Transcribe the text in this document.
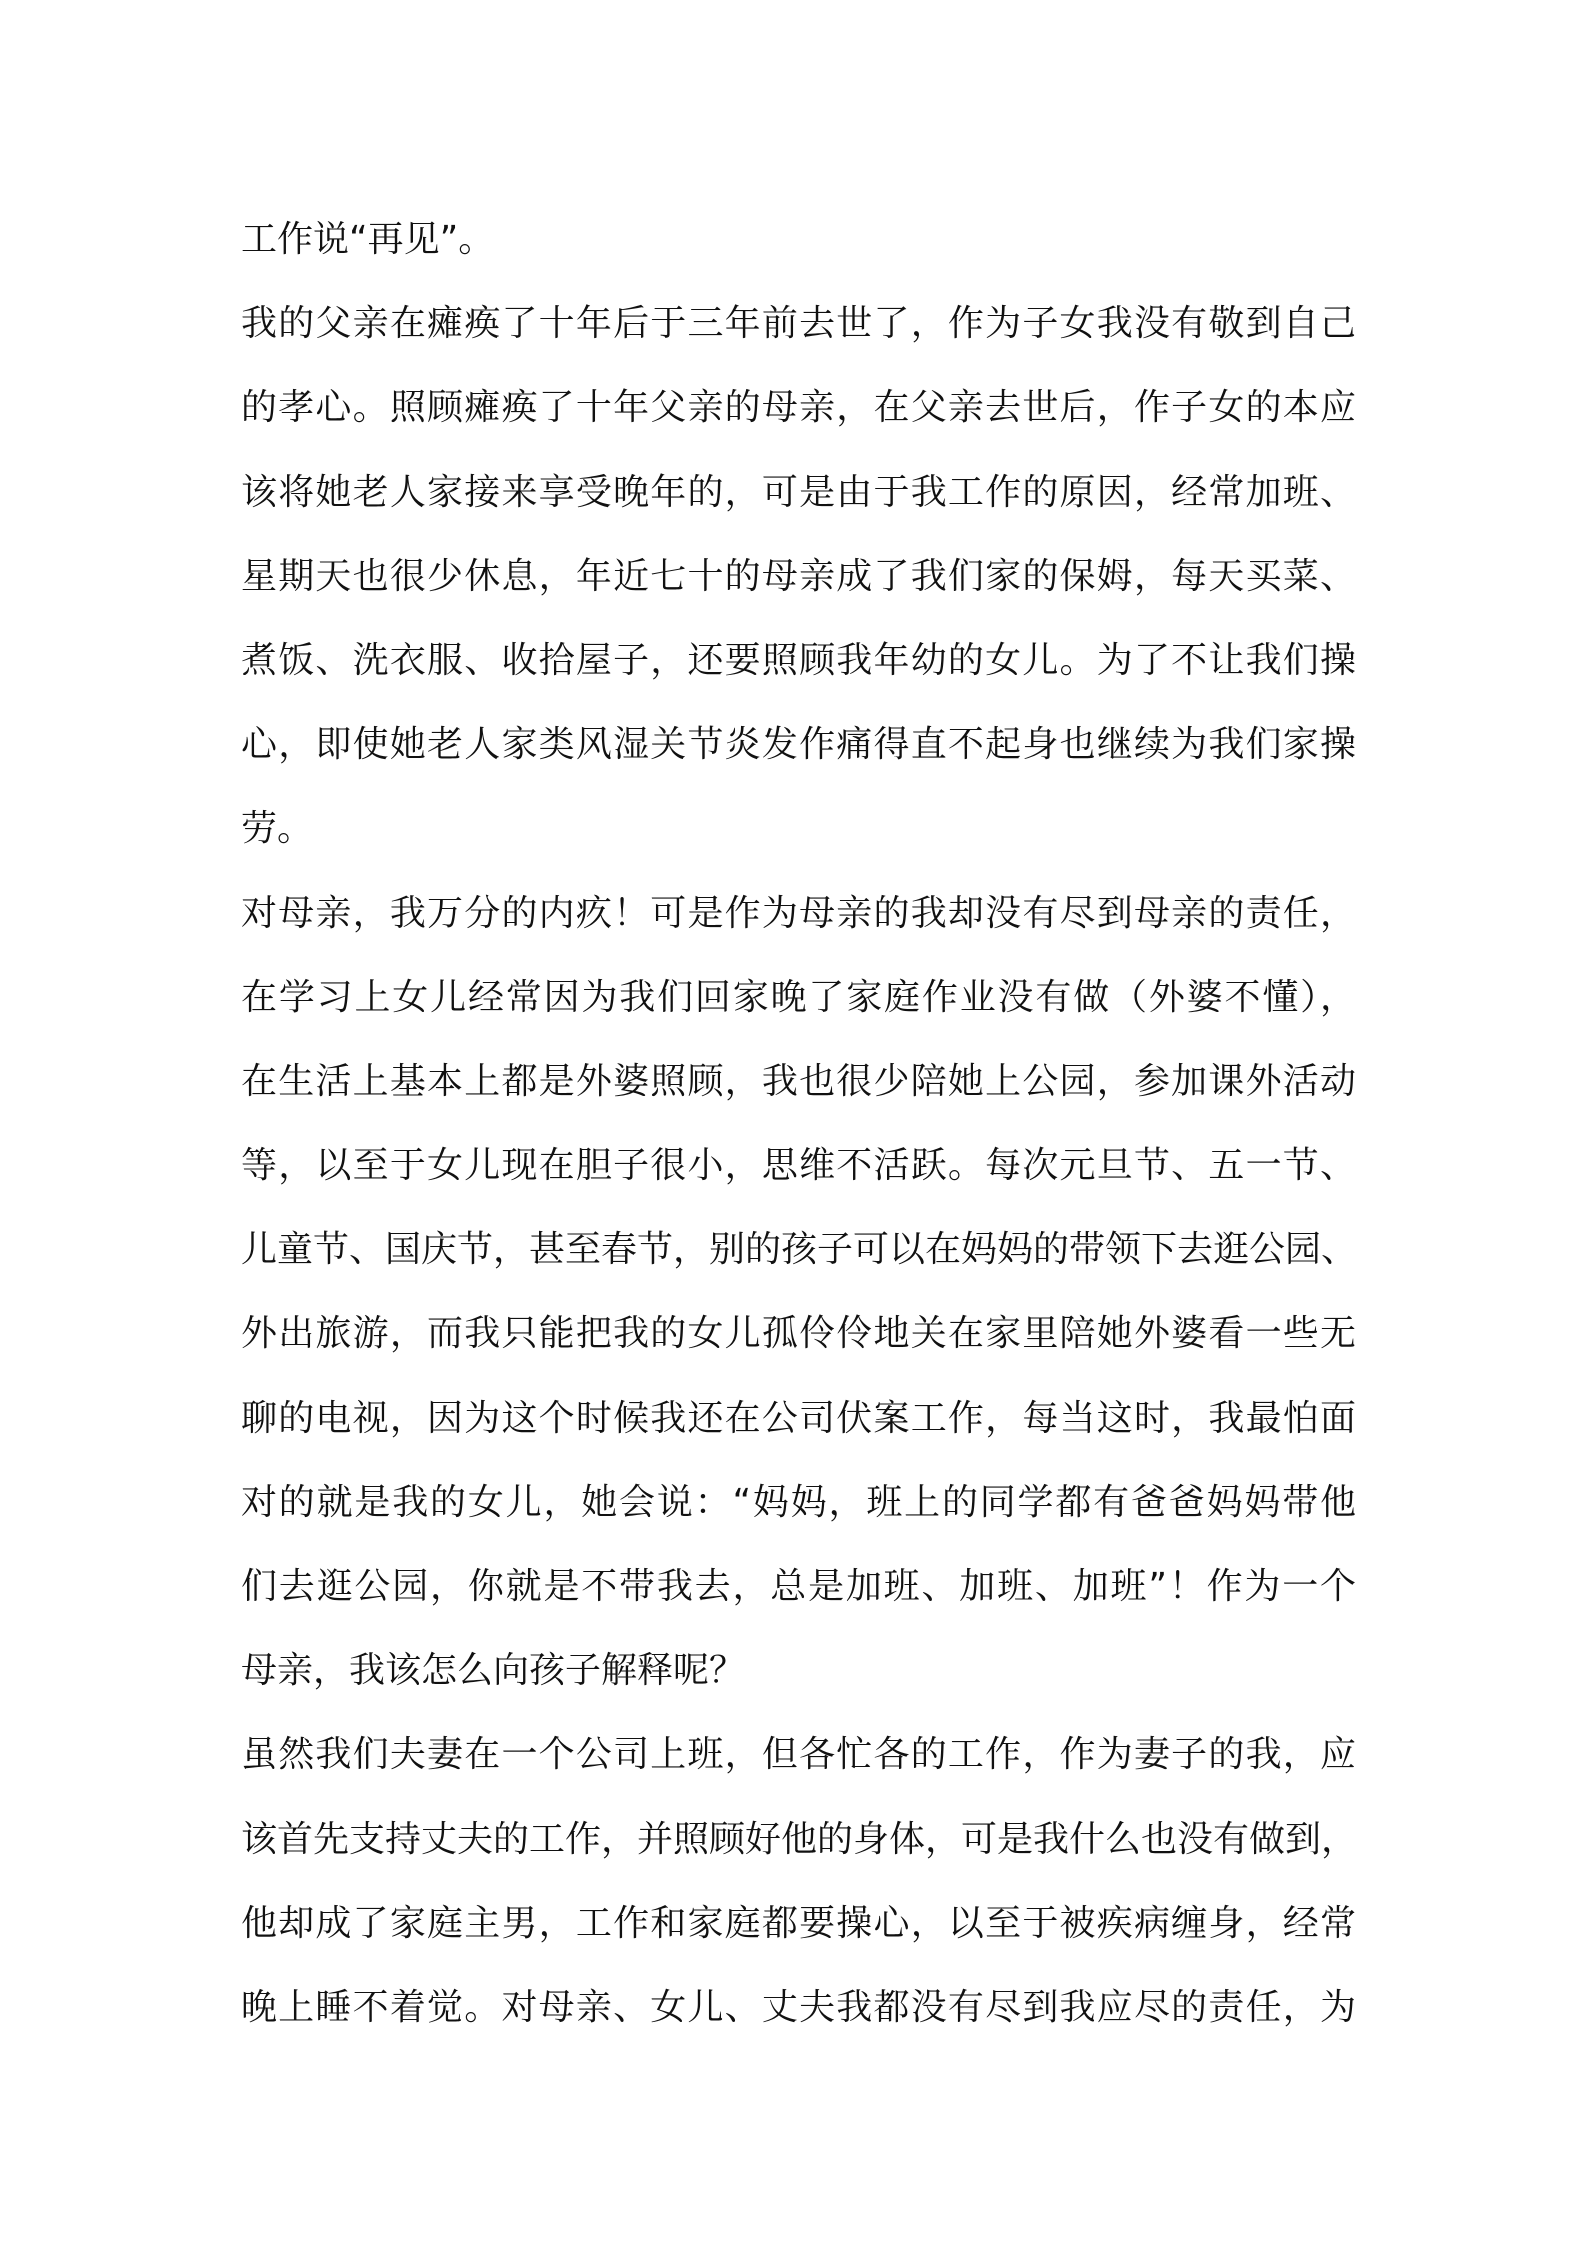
工作说“再见”。
我的父亲在瘫痪了十年后于三年前去世了，作为子女我没有敬到自己
的孝心。照顾瘫痪了十年父亲的母亲，在父亲去世后，作子女的本应
该将她老人家接来享受晚年的，可是由于我工作的原因，经常加班、
星期天也很少休息，年近七十的母亲成了我们家的保姆，每天买菜、
煮饭、洗衣服、收拾屋子，还要照顾我年幼的女儿。为了不让我们操
心，即使她老人家类风湿关节炎发作痛得直不起身也继续为我们家操
劳。
对母亲，我万分的内疚！可是作为母亲的我却没有尽到母亲的责任，
在学习上女儿经常因为我们回家晚了家庭作业没有做（外婆不懂），
在生活上基本上都是外婆照顾，我也很少陪她上公园，参加课外活动
等，以至于女儿现在胆子很小，思维不活跃。每次元旦节、五一节、
儿童节、国庆节，甚至春节，别的孩子可以在妈妈的带领下去逛公园、
外出旅游，而我只能把我的女儿孤伶伶地关在家里陪她外婆看一些无
聊的电视，因为这个时候我还在公司伏案工作，每当这时，我最怕面
对的就是我的女儿，她会说：“妈妈，班上的同学都有爸爸妈妈带他
们去逛公园，你就是不带我去，总是加班、加班、加班”！作为一个
母亲，我该怎么向孩子解释呢？
虽然我们夫妻在一个公司上班，但各忙各的工作，作为妻子的我，应
该首先支持丈夫的工作，并照顾好他的身体，可是我什么也没有做到，
他却成了家庭主男，工作和家庭都要操心，以至于被疾病缠身，经常
晚上睡不着觉。对母亲、女儿、丈夫我都没有尽到我应尽的责任，为
